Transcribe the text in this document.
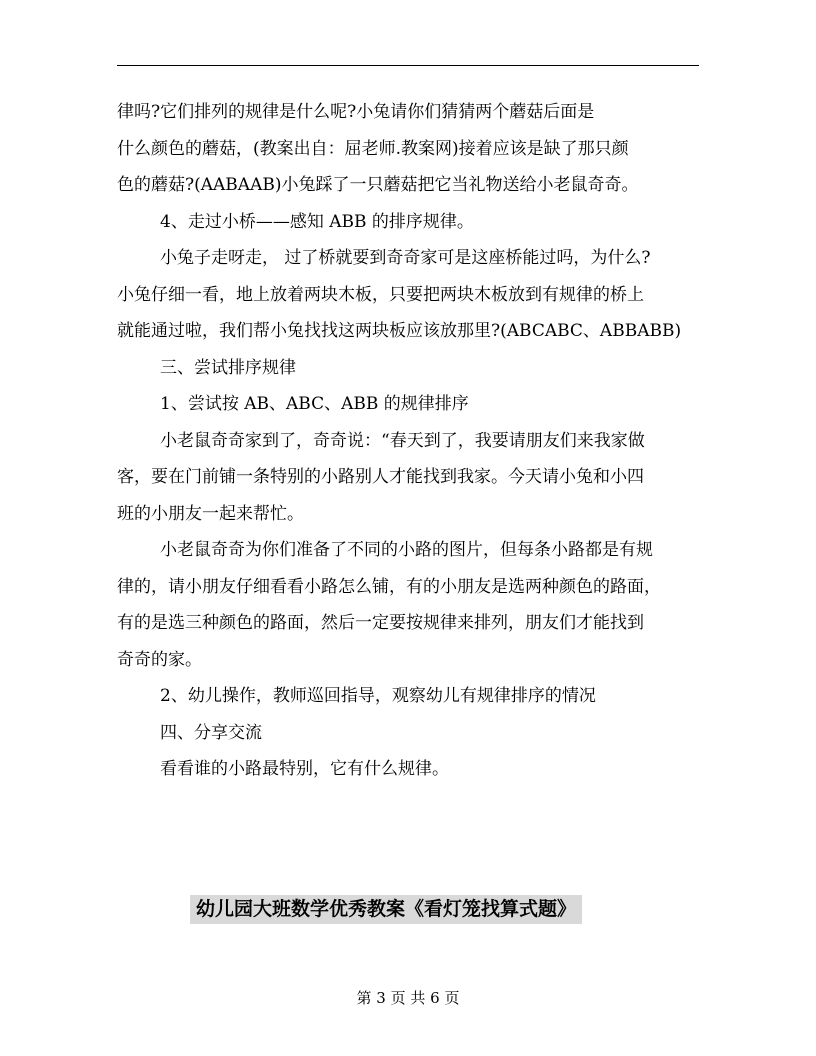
律吗?它们排列的规律是什么呢?小兔请你们猜猜两个蘑菇后面是
什么颜色的蘑菇，(教案出自：屈老师.教案网)接着应该是缺了那只颜
色的蘑菇?(AABAAB)小兔踩了一只蘑菇把它当礼物送给小老鼠奇奇。
4、走过小桥——感知 ABB 的排序规律。
小兔子走呀走， 过了桥就要到奇奇家可是这座桥能过吗，为什么?
小兔仔细一看，地上放着两块木板，只要把两块木板放到有规律的桥上
就能通过啦，我们帮小兔找找这两块板应该放那里?(ABCABC、ABBABB)
三、尝试排序规律
1、尝试按 AB、ABC、ABB 的规律排序
小老鼠奇奇家到了，奇奇说：“春天到了，我要请朋友们来我家做
客，要在门前铺一条特别的小路别人才能找到我家。今天请小兔和小四
班的小朋友一起来帮忙。
小老鼠奇奇为你们准备了不同的小路的图片，但每条小路都是有规
律的，请小朋友仔细看看小路怎么铺，有的小朋友是选两种颜色的路面，
有的是选三种颜色的路面，然后一定要按规律来排列，朋友们才能找到
奇奇的家。
2、幼儿操作，教师巡回指导，观察幼儿有规律排序的情况
四、分享交流
看看谁的小路最特别，它有什么规律。
幼儿园大班数学优秀教案《看灯笼找算式题》
第 3 页 共 6 页
